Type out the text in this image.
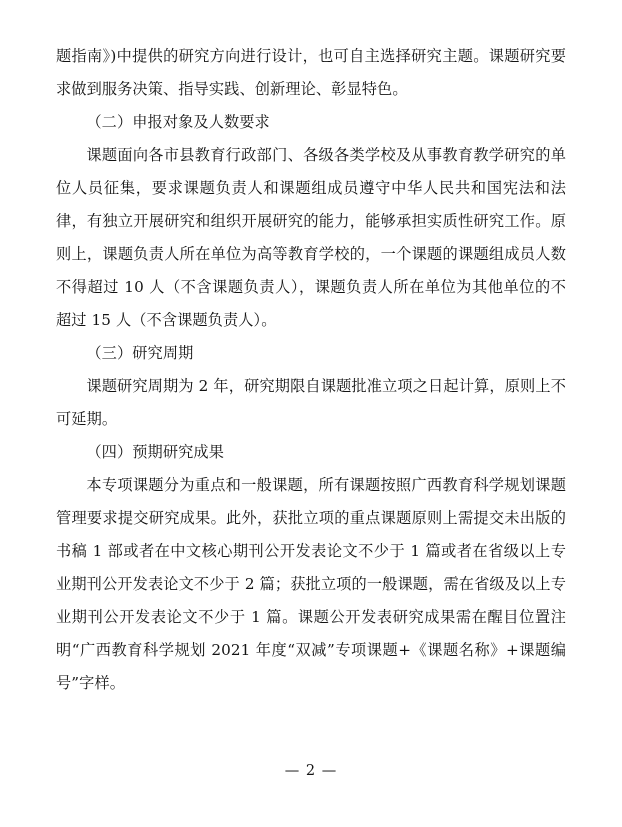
题指南》)中提供的研究方向进行设计，也可自主选择研究主题。课题研究要求做到服务决策、指导实践、创新理论、彰显特色。

（二）申报对象及人数要求

课题面向各市县教育行政部门、各级各类学校及从事教育教学研究的单位人员征集，要求课题负责人和课题组成员遵守中华人民共和国宪法和法律，有独立开展研究和组织开展研究的能力，能够承担实质性研究工作。原则上，课题负责人所在单位为高等教育学校的，一个课题的课题组成员人数不得超过 10 人（不含课题负责人），课题负责人所在单位为其他单位的不超过 15 人（不含课题负责人）。

（三）研究周期

课题研究周期为 2 年，研究期限自课题批准立项之日起计算，原则上不可延期。

（四）预期研究成果

本专项课题分为重点和一般课题，所有课题按照广西教育科学规划课题管理要求提交研究成果。此外，获批立项的重点课题原则上需提交未出版的书稿 1 部或者在中文核心期刊公开发表论文不少于 1 篇或者在省级以上专业期刊公开发表论文不少于 2 篇；获批立项的一般课题，需在省级及以上专业期刊公开发表论文不少于 1 篇。课题公开发表研究成果需在醒目位置注明“广西教育科学规划 2021 年度“双减”专项课题+《课题名称》+课题编号”字样。

— 2 —
